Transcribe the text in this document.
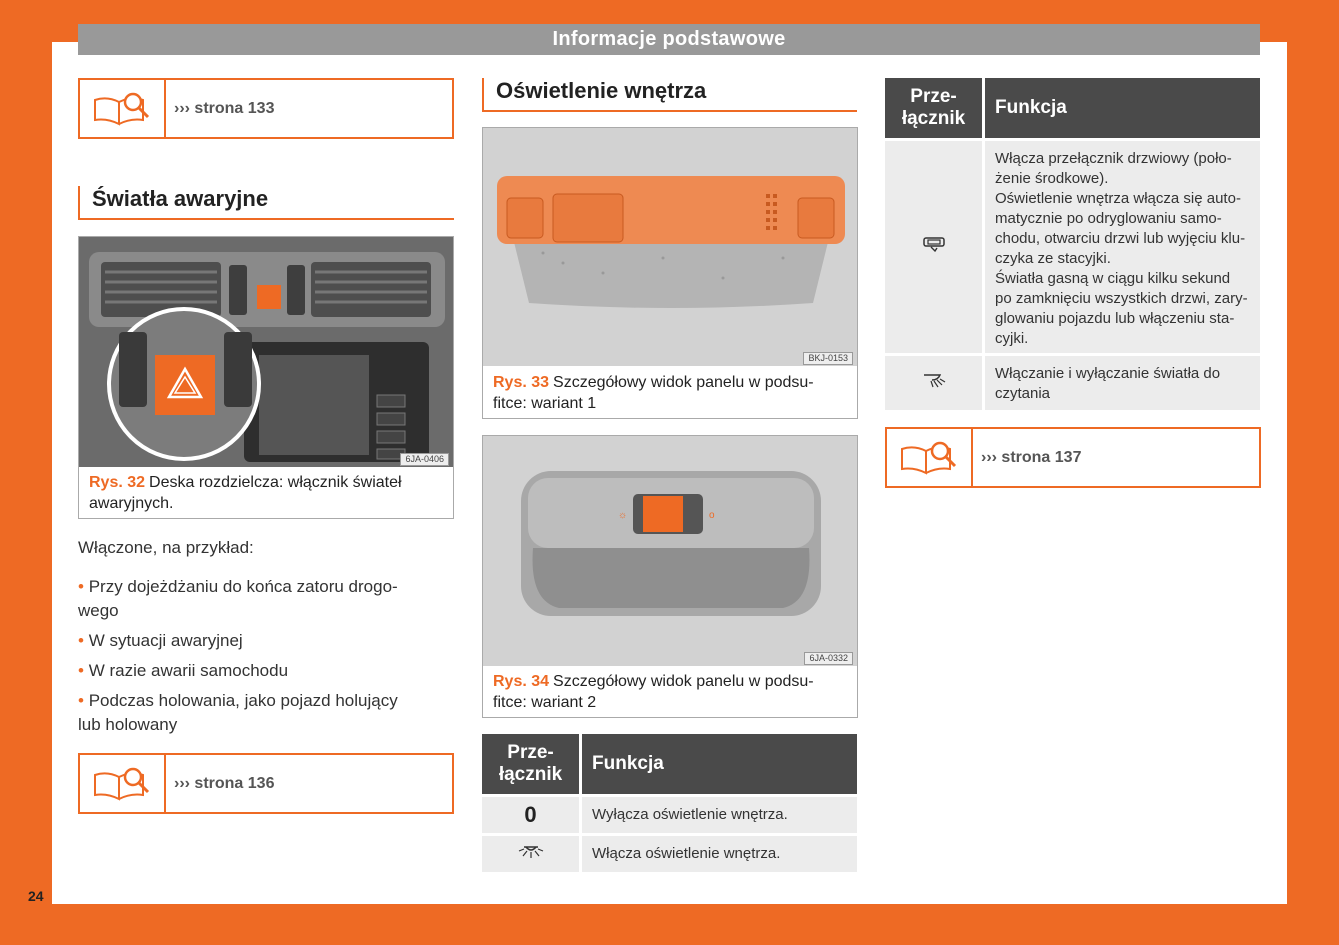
Informacje podstawowe
››› strona 133
Światła awaryjne
6JA-0406
Rys. 32 Deska rozdzielcza: włącznik świateł awaryjnych.
Włączone, na przykład:
• Przy dojeżdżaniu do końca zatoru drogo-
wego
• W sytuacji awaryjnej
• W razie awarii samochodu
• Podczas holowania, jako pojazd holujący
lub holowany
››› strona 136
Oświetlenie wnętrza
BKJ-0153
Rys. 33 Szczegółowy widok panelu w podsu-fitce: wariant 1
☼	o
6JA-0332
Rys. 34 Szczegółowy widok panelu w podsu-fitce: wariant 2
Prze-łącznik
Funkcja
0	Wyłącza oświetlenie wnętrza.
Włącza oświetlenie wnętrza.
Prze-łącznik
Funkcja
Włącza przełącznik drzwiowy (poło-żenie środkowe).
Oświetlenie wnętrza włącza się auto-matycznie po odryglowaniu samo-chodu, otwarciu drzwi lub wyjęciu klu-czyka ze stacyjki.
Światła gasną w ciągu kilku sekund po zamknięciu wszystkich drzwi, zary-glowaniu pojazdu lub włączeniu sta-cyjki.
Włączanie i wyłączanie światła do czytania
››› strona 137
24
